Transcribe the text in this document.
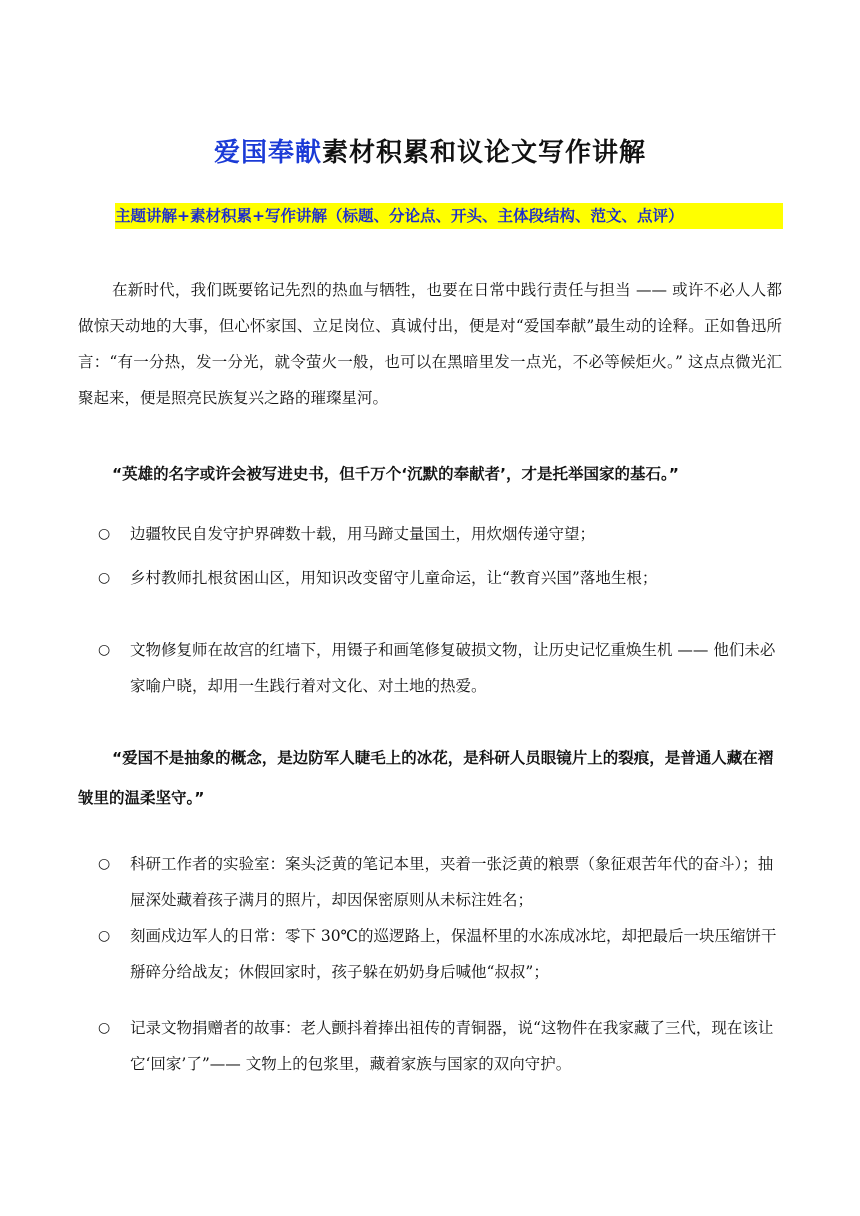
爱国奉献素材积累和议论文写作讲解
主题讲解+素材积累+写作讲解（标题、分论点、开头、主体段结构、范文、点评）

在新时代，我们既要铭记先烈的热血与牺牲，也要在日常中践行责任与担当 —— 或许不必人人都做惊天动地的大事，但心怀家国、立足岗位、真诚付出，便是对“爱国奉献”最生动的诠释。正如鲁迅所言：“有一分热，发一分光，就令萤火一般，也可以在黑暗里发一点光，不必等候炬火。” 这点点微光汇聚起来，便是照亮民族复兴之路的璀璨星河。

“英雄的名字或许会被写进史书，但千万个‘沉默的奉献者’，才是托举国家的基石。”
○ 边疆牧民自发守护界碑数十载，用马蹄丈量国土，用炊烟传递守望；
○ 乡村教师扎根贫困山区，用知识改变留守儿童命运，让“教育兴国”落地生根；
○ 文物修复师在故宫的红墙下，用镊子和画笔修复破损文物，让历史记忆重焕生机 —— 他们未必家喻户晓，却用一生践行着对文化、对土地的热爱。
“爱国不是抽象的概念，是边防军人睫毛上的冰花，是科研人员眼镜片上的裂痕，是普通人藏在褶皱里的温柔坚守。”
○ 科研工作者的实验室：案头泛黄的笔记本里，夹着一张泛黄的粮票（象征艰苦年代的奋斗）；抽屉深处藏着孩子满月的照片，却因保密原则从未标注姓名；
○ 刻画戍边军人的日常：零下 30℃的巡逻路上，保温杯里的水冻成冰坨，却把最后一块压缩饼干掰碎分给战友；休假回家时，孩子躲在奶奶身后喊他“叔叔”；
○ 记录文物捐赠者的故事：老人颤抖着捧出祖传的青铜器，说“这物件在我家藏了三代，现在该让它‘回家’了”—— 文物上的包浆里，藏着家族与国家的双向守护。
